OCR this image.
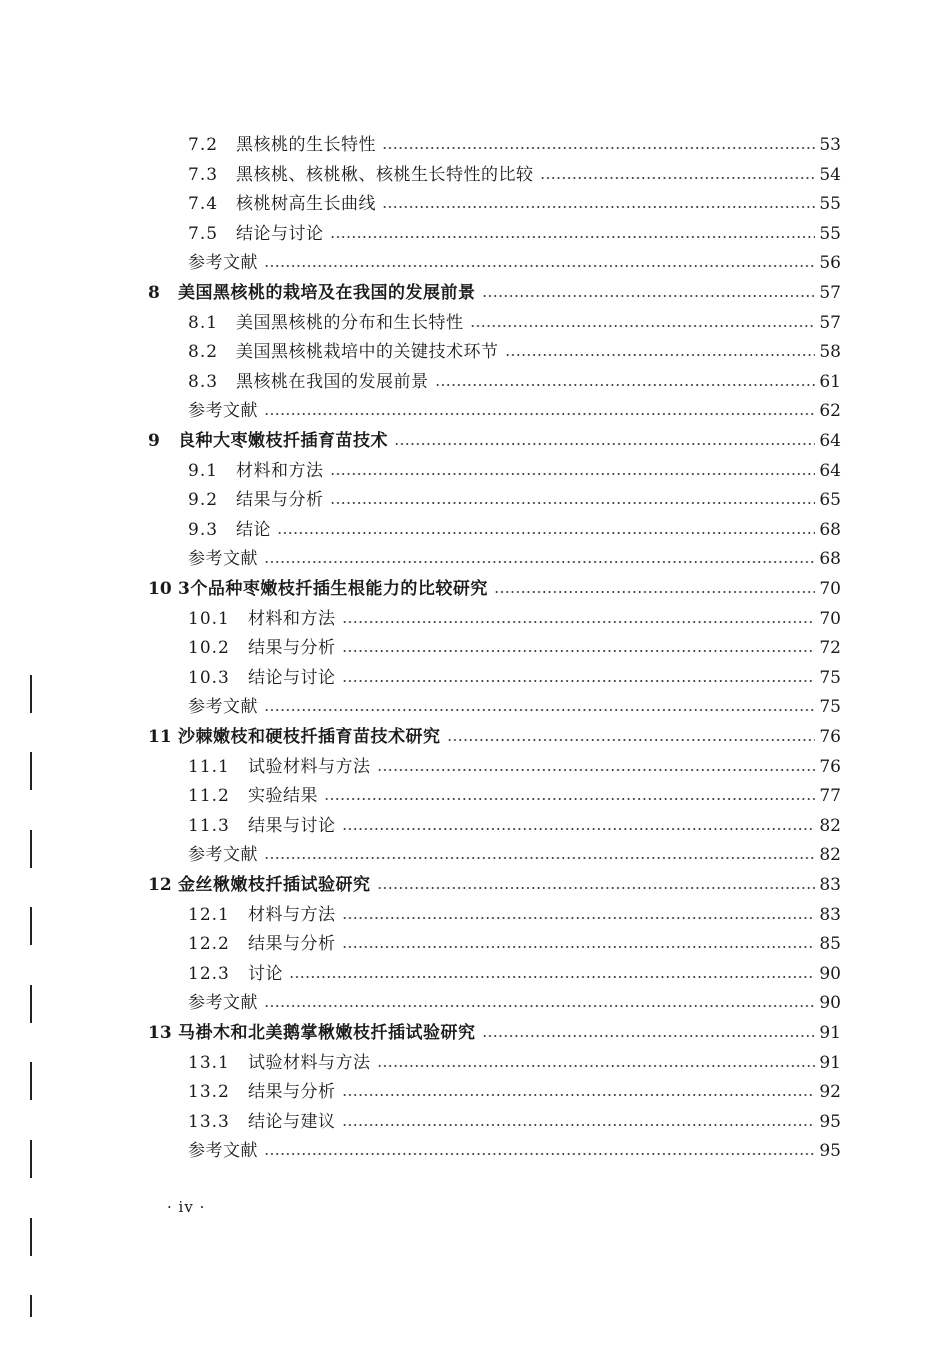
7.2	黑核桃的生长特性	53
7.3	黑核桃、核桃楸、核桃生长特性的比较	54
7.4	核桃树高生长曲线	55
7.5	结论与讨论	55
参考文献	56
8	美国黑核桃的栽培及在我国的发展前景	57
8.1	美国黑核桃的分布和生长特性	57
8.2	美国黑核桃栽培中的关键技术环节	58
8.3	黑核桃在我国的发展前景	61
参考文献	62
9	良种大枣嫩枝扦插育苗技术	64
9.1	材料和方法	64
9.2	结果与分析	65
9.3	结论	68
参考文献	68
10 3个品种枣嫩枝扦插生根能力的比较研究	70
10.1	材料和方法	70
10.2	结果与分析	72
10.3	结论与讨论	75
参考文献	75
11 沙棘嫩枝和硬枝扦插育苗技术研究	76
11.1	试验材料与方法	76
11.2	实验结果	77
11.3	结果与讨论	82
参考文献	82
12 金丝楸嫩枝扦插试验研究	83
12.1	材料与方法	83
12.2	结果与分析	85
12.3	讨论	90
参考文献	90
13 马褂木和北美鹅掌楸嫩枝扦插试验研究	91
13.1	试验材料与方法	91
13.2	结果与分析	92
13.3	结论与建议	95
参考文献	95
· iv ·
